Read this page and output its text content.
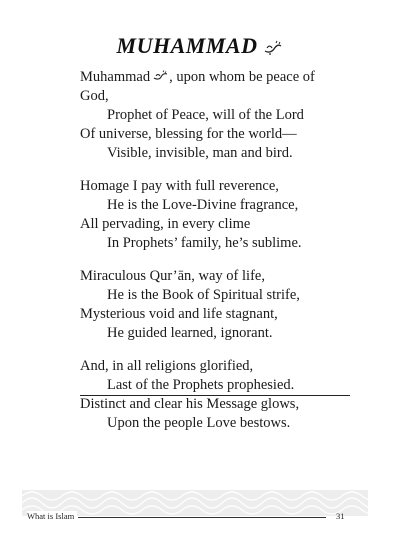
MUHAMMAD
Muhammad , upon whom be peace of
God,
Prophet of Peace, will of the Lord
Of universe, blessing for the world—
Visible, invisible, man and bird.
Homage I pay with full reverence,
He is the Love-Divine fragrance,
All pervading, in every clime
In Prophets’ family, he’s sublime.
Miraculous Qur’ān, way of life,
He is the Book of Spiritual strife,
Mysterious void and life stagnant,
He guided learned, ignorant.
And, in all religions glorified,
Last of the Prophets prophesied.
Distinct and clear his Message glows,
Upon the people Love bestows.
What is Islam	31
